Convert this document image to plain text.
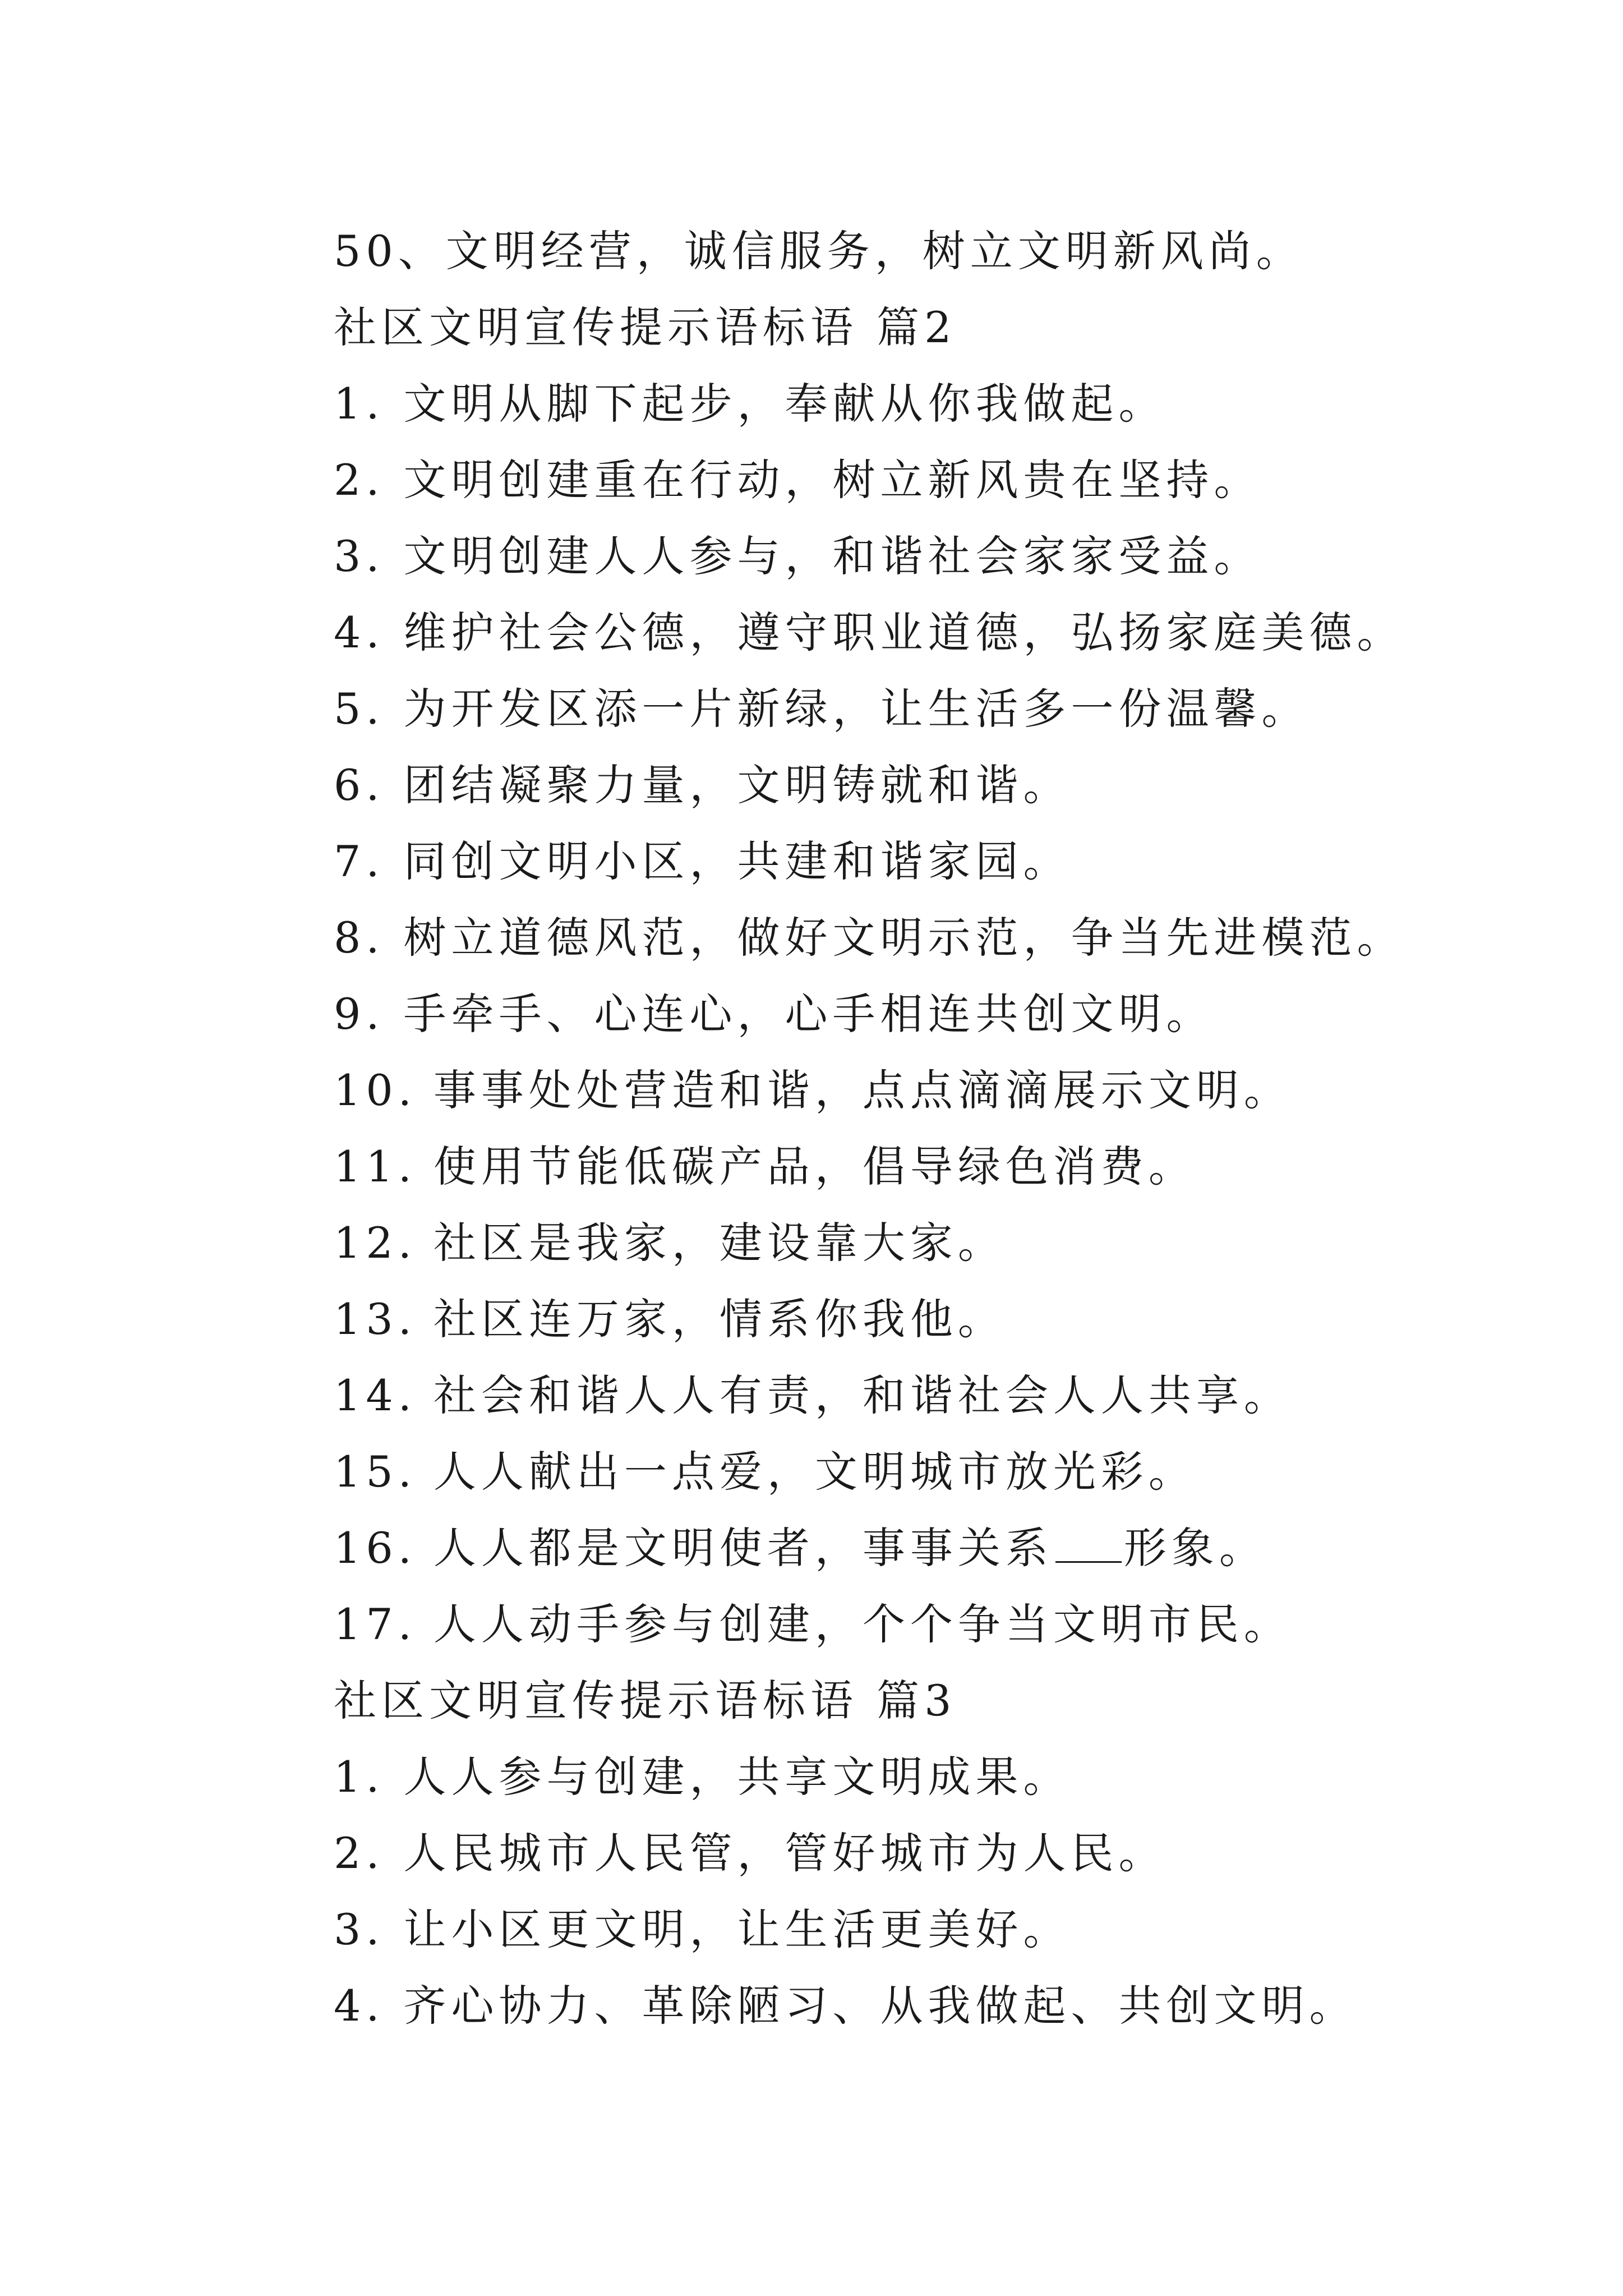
50、文明经营，诚信服务，树立文明新风尚。
社区文明宣传提示语标语 篇2
1. 文明从脚下起步，奉献从你我做起。
2. 文明创建重在行动，树立新风贵在坚持。
3. 文明创建人人参与，和谐社会家家受益。
4. 维护社会公德，遵守职业道德，弘扬家庭美德。
5. 为开发区添一片新绿，让生活多一份温馨。
6. 团结凝聚力量，文明铸就和谐。
7. 同创文明小区，共建和谐家园。
8. 树立道德风范，做好文明示范，争当先进模范。
9. 手牵手、心连心，心手相连共创文明。
10. 事事处处营造和谐，点点滴滴展示文明。
11. 使用节能低碳产品，倡导绿色消费。
12. 社区是我家，建设靠大家。
13. 社区连万家，情系你我他。
14. 社会和谐人人有责，和谐社会人人共享。
15. 人人献出一点爱，文明城市放光彩。
16. 人人都是文明使者，事事关系 形象。
17. 人人动手参与创建，个个争当文明市民。
社区文明宣传提示语标语 篇3
1. 人人参与创建，共享文明成果。
2. 人民城市人民管，管好城市为人民。
3. 让小区更文明，让生活更美好。
4. 齐心协力、革除陋习、从我做起、共创文明。
